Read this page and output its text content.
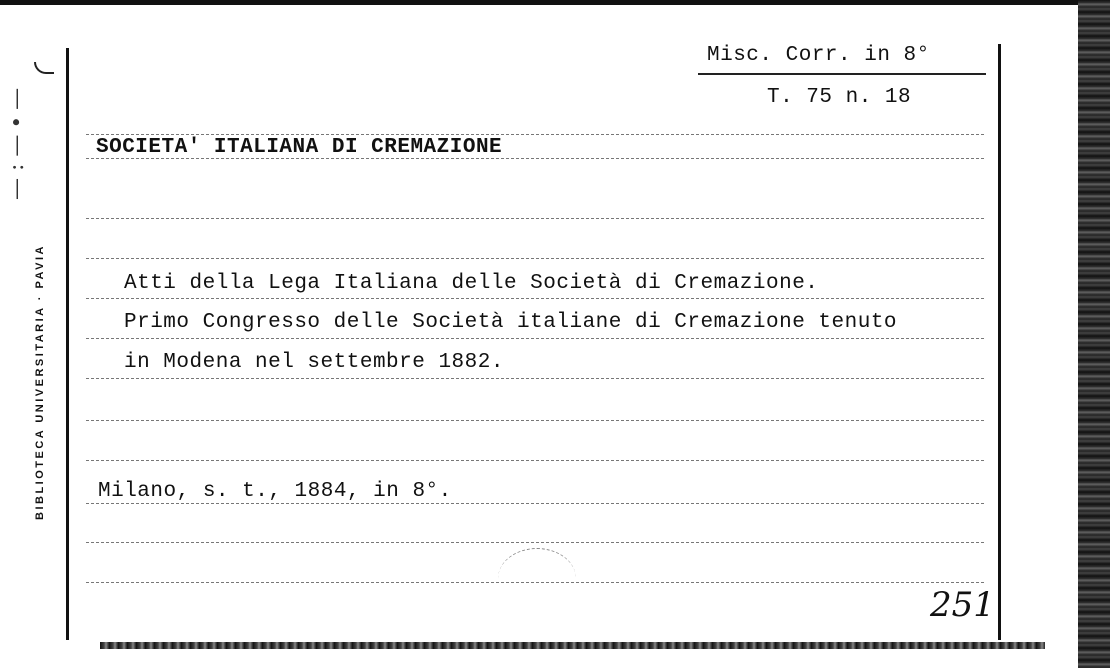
— : — ∙ —
BIBLIOTECA UNIVERSITARIA · PAVIA
Misc. Corr. in 8°
T. 75 n. 18
SOCIETA' ITALIANA DI CREMAZIONE
Atti della Lega Italiana delle Società di Cremazione.
Primo Congresso delle Società italiane di Cremazione tenuto
in Modena nel settembre 1882.
Milano, s. t., 1884, in 8°.
251
